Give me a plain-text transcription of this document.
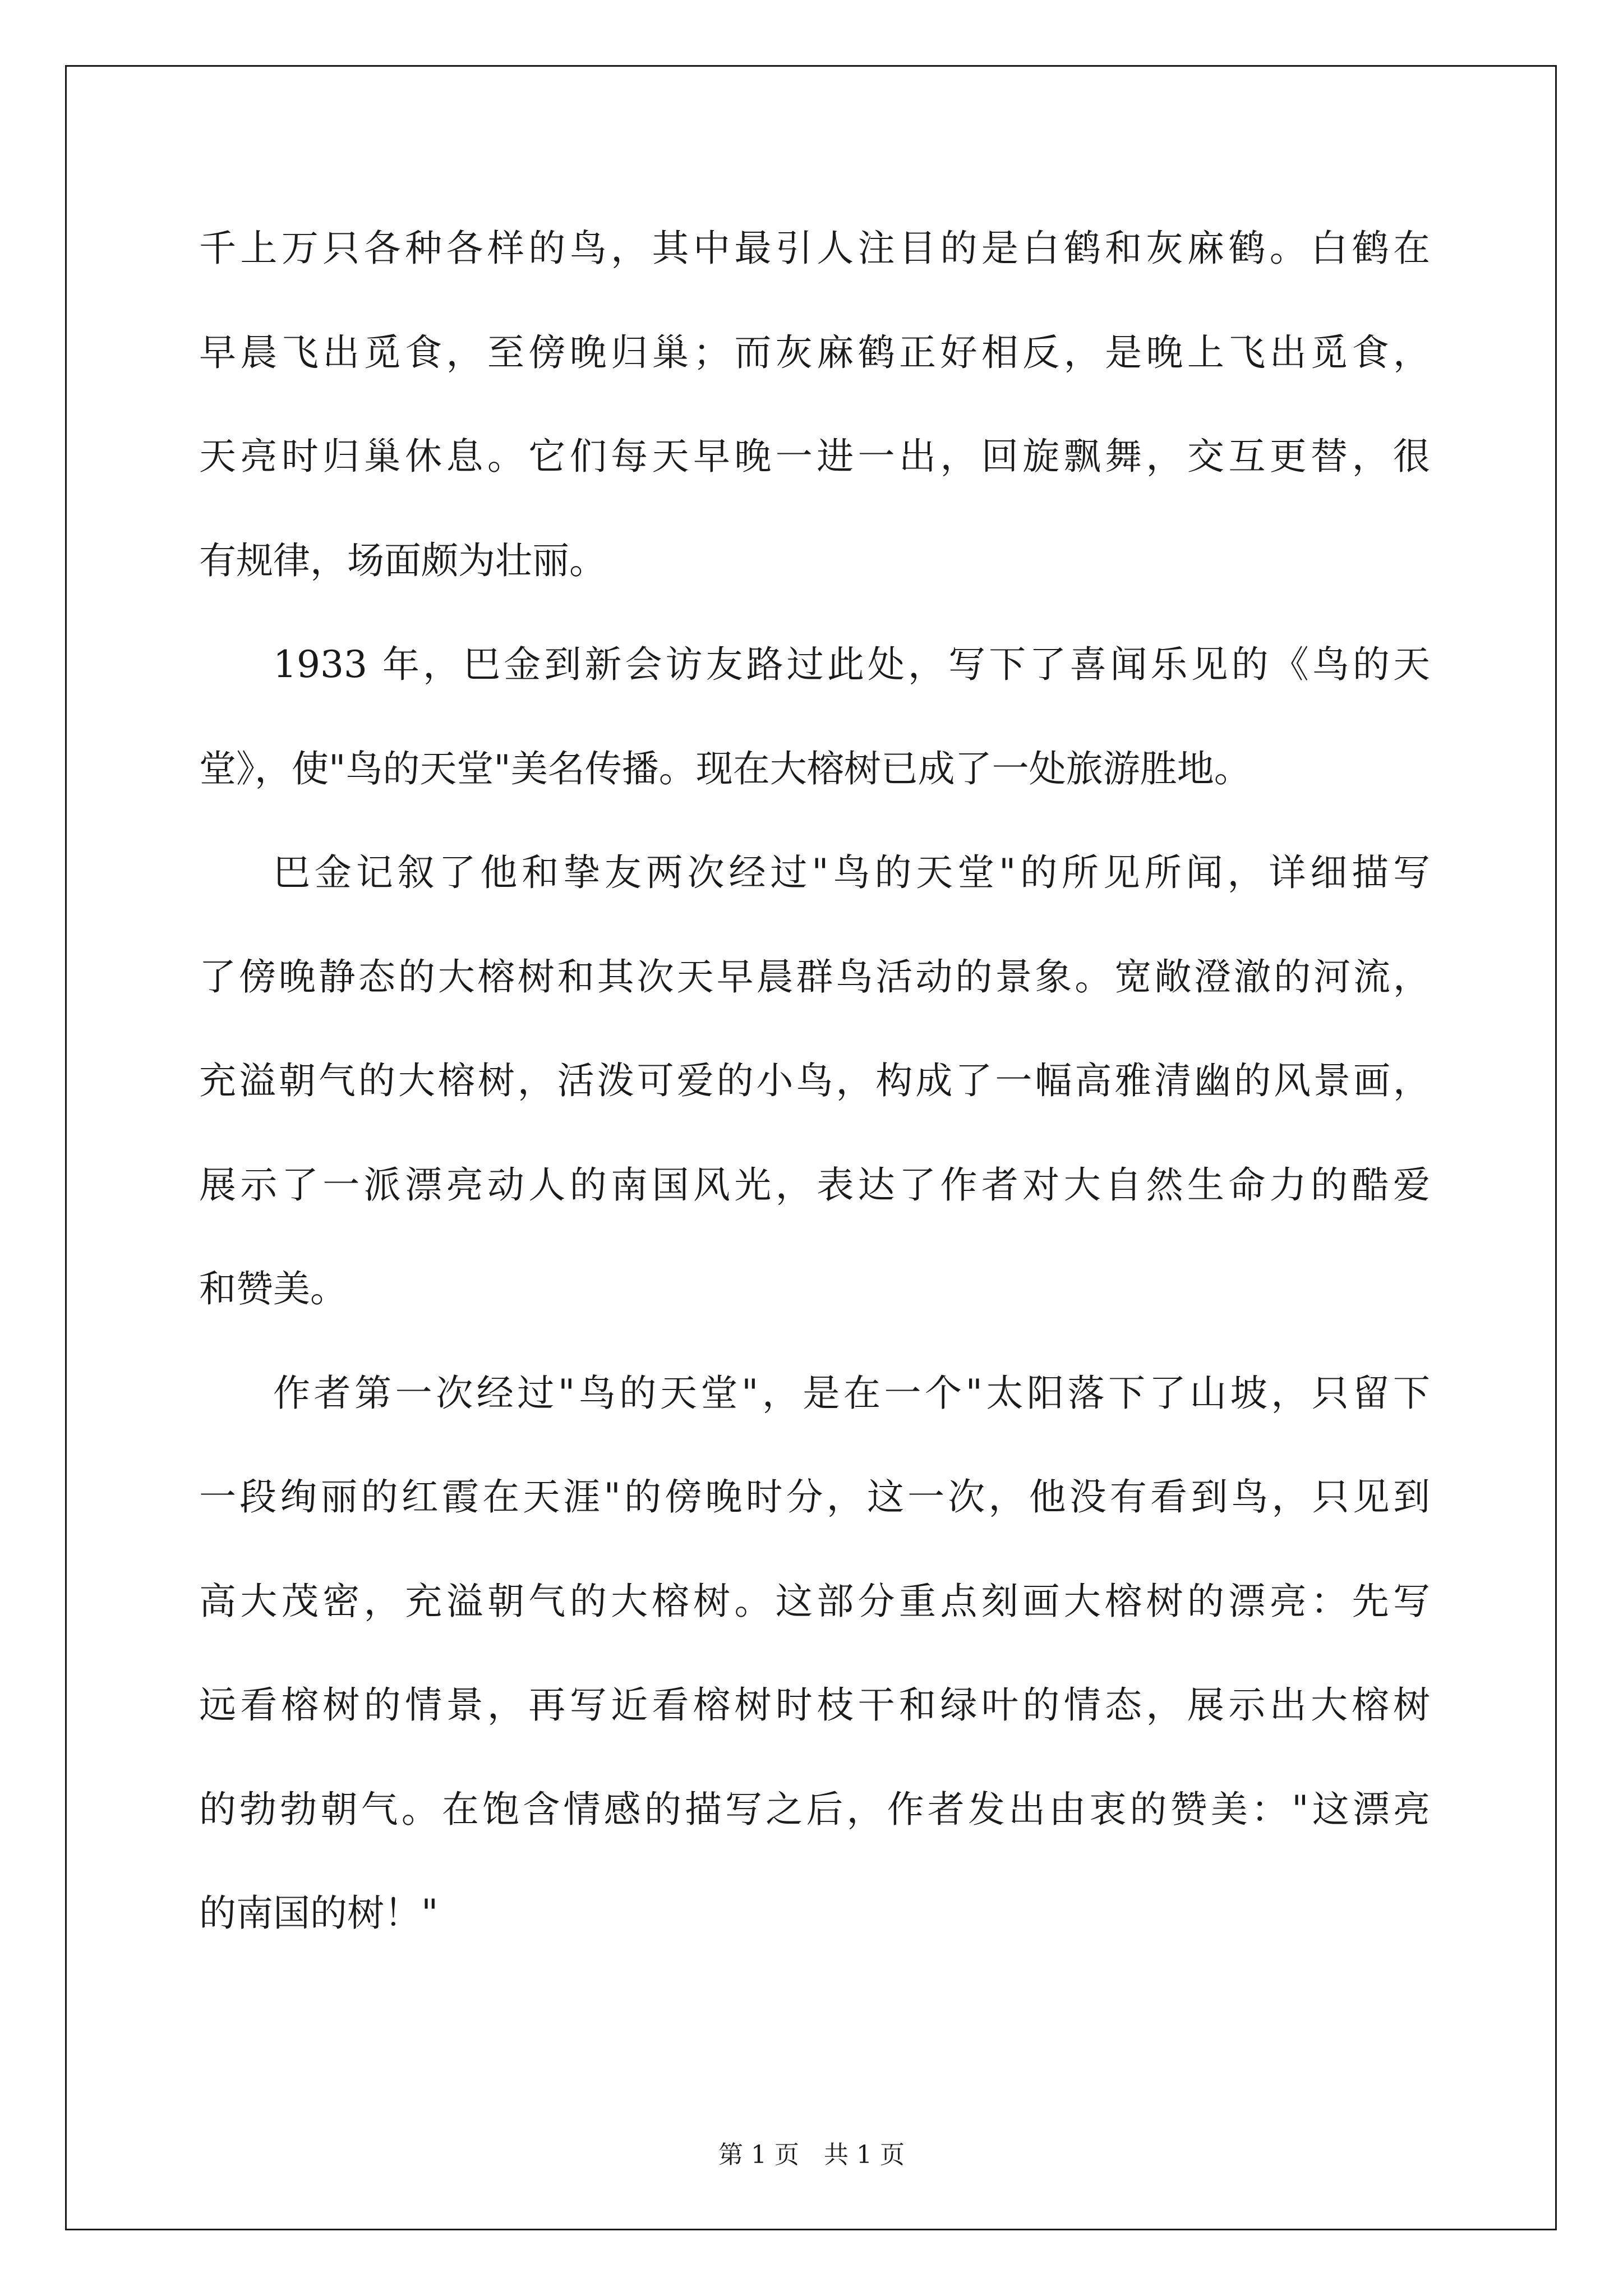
千上万只各种各样的鸟，其中最引人注目的是白鹤和灰麻鹤。白鹤在
早晨飞出觅食，至傍晚归巢；而灰麻鹤正好相反，是晚上飞出觅食，
天亮时归巢休息。它们每天早晚一进一出，回旋飘舞，交互更替，很
有规律，场面颇为壮丽。
1933 年，巴金到新会访友路过此处，写下了喜闻乐见的《鸟的天
堂》，使"鸟的天堂"美名传播。现在大榕树已成了一处旅游胜地。
巴金记叙了他和挚友两次经过"鸟的天堂"的所见所闻，详细描写
了傍晚静态的大榕树和其次天早晨群鸟活动的景象。宽敞澄澈的河流，
充溢朝气的大榕树，活泼可爱的小鸟，构成了一幅高雅清幽的风景画，
展示了一派漂亮动人的南国风光，表达了作者对大自然生命力的酷爱
和赞美。
作者第一次经过"鸟的天堂"，是在一个"太阳落下了山坡，只留下
一段绚丽的红霞在天涯"的傍晚时分，这一次，他没有看到鸟，只见到
高大茂密，充溢朝气的大榕树。这部分重点刻画大榕树的漂亮：先写
远看榕树的情景，再写近看榕树时枝干和绿叶的情态，展示出大榕树
的勃勃朝气。在饱含情感的描写之后，作者发出由衷的赞美："这漂亮
的南国的树！"
第 1 页 共 1 页
